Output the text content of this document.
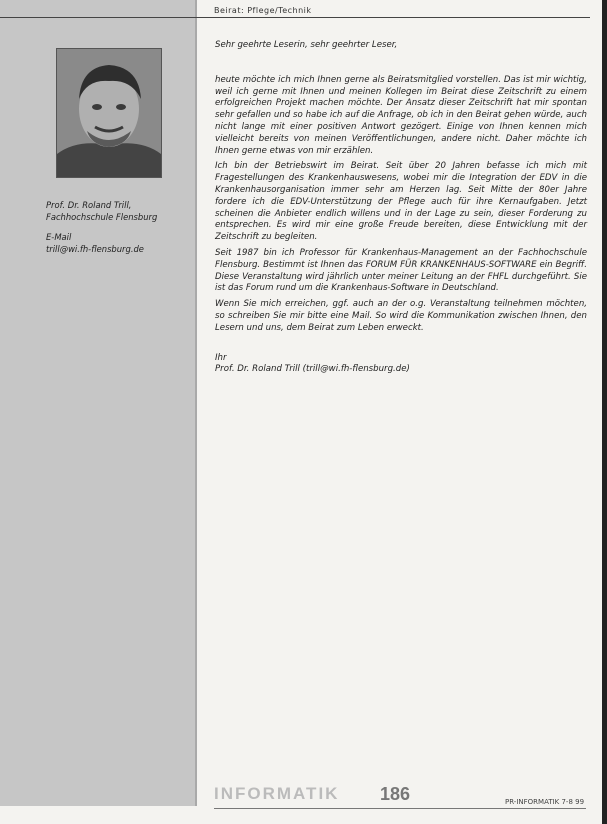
Beirat: Pflege/Technik

Prof. Dr. Roland Trill, Fachhochschule Flensburg

E-Mail

trill@wi.fh-flensburg.de

Sehr geehrte Leserin, sehr geehrter Leser,

heute möchte ich mich Ihnen gerne als Beiratsmitglied vorstellen. Das ist mir wichtig, weil ich gerne mit Ihnen und meinen Kollegen im Beirat diese Zeitschrift zu einem erfolgreichen Projekt machen möchte. Der Ansatz dieser Zeitschrift hat mir spontan sehr gefallen und so habe ich auf die Anfrage, ob ich in den Beirat gehen würde, auch nicht lange mit einer positiven Antwort gezögert. Einige von Ihnen kennen mich vielleicht bereits von meinen Veröffentlichungen, andere nicht. Daher möchte ich Ihnen gerne etwas von mir erzählen.

Ich bin der Betriebswirt im Beirat. Seit über 20 Jahren befasse ich mich mit Fragestellungen des Krankenhauswesens, wobei mir die Integration der EDV in die Krankenhausorganisation immer sehr am Herzen lag. Seit Mitte der 80er Jahre fordere ich die EDV-Unterstützung der Pflege auch für ihre Kernaufgaben. Jetzt scheinen die Anbieter endlich willens und in der Lage zu sein, dieser Forderung zu entsprechen. Es wird mir eine große Freude bereiten, diese Entwicklung mit der Zeitschrift zu begleiten.

Seit 1987 bin ich Professor für Krankenhaus-Management an der Fachhochschule Flensburg. Bestimmt ist Ihnen das FORUM FÜR KRANKENHAUS-SOFTWARE ein Begriff. Diese Veranstaltung wird jährlich unter meiner Leitung an der FHFL durchgeführt. Sie ist das Forum rund um die Krankenhaus-Software in Deutschland.

Wenn Sie mich erreichen, ggf. auch an der o.g. Veranstaltung teilnehmen möchten, so schreiben Sie mir bitte eine Mail. So wird die Kommunikation zwischen Ihnen, den Lesern und uns, dem Beirat zum Leben erweckt.

Ihr

Prof. Dr. Roland Trill (trill@wi.fh-flensburg.de)

INFORMATIK 186	PR-INFORMATIK 7-8 99
